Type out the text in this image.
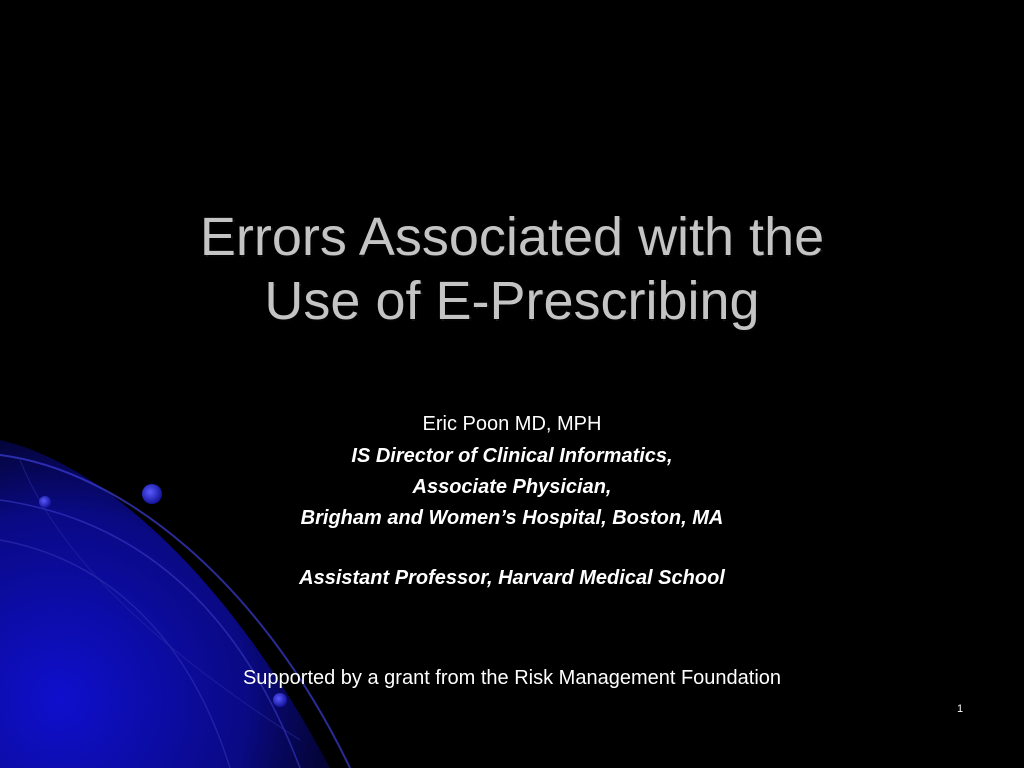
Errors Associated with the
Use of E-Prescribing
Eric Poon MD, MPH
IS Director of Clinical Informatics,
Associate Physician,
Brigham and Women’s Hospital, Boston, MA
Assistant Professor, Harvard Medical School
Supported by a grant from the Risk Management Foundation
1
